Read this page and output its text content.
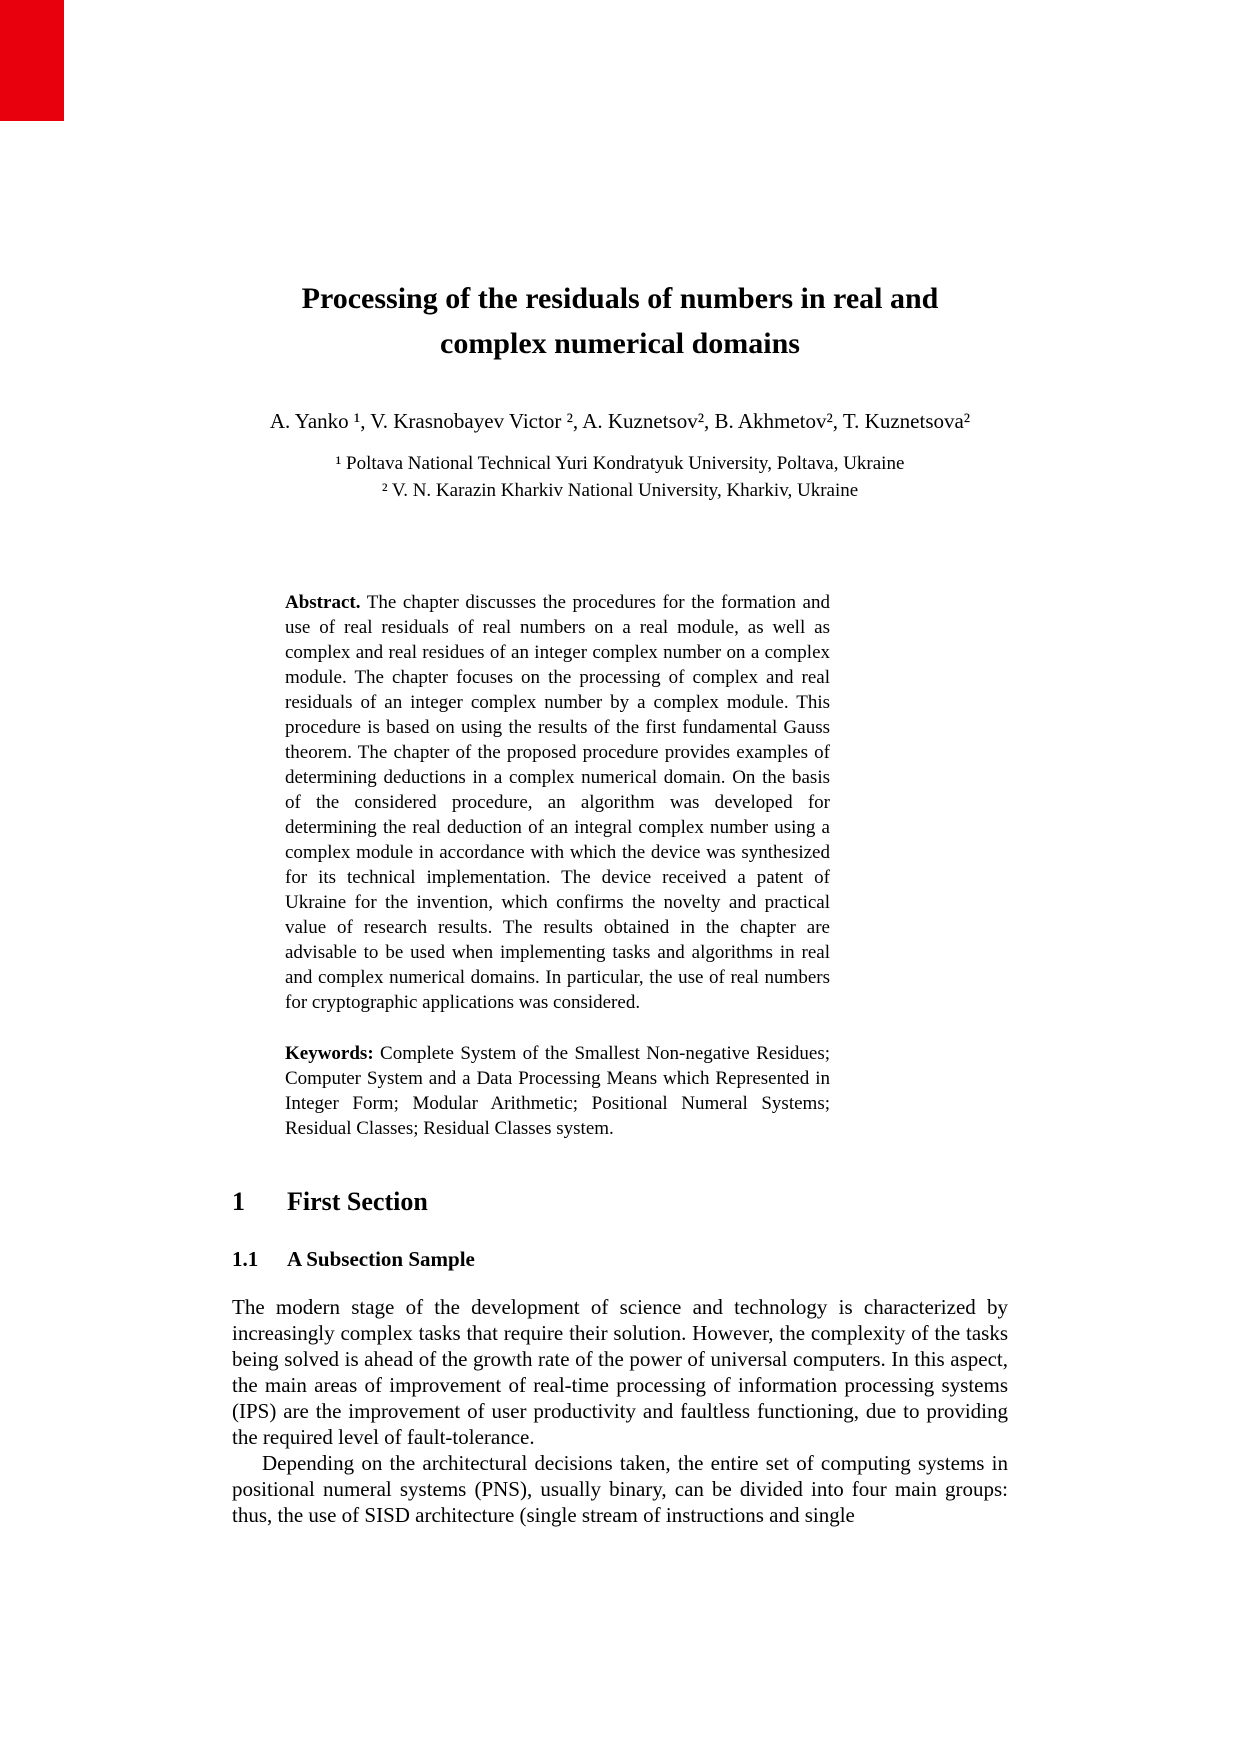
Processing of the residuals of numbers in real and
complex numerical domains
A. Yanko ¹, V. Krasnobayev Victor ², A. Kuznetsov², B. Akhmetov², T. Kuznetsova²
¹ Poltava National Technical Yuri Kondratyuk University, Poltava, Ukraine
² V. N. Karazin Kharkiv National University, Kharkiv, Ukraine
Abstract. The chapter discusses the procedures for the formation and use of real residuals of real numbers on a real module, as well as complex and real residues of an integer complex number on a complex module. The chapter focuses on the processing of complex and real residuals of an integer complex number by a complex module. This procedure is based on using the results of the first fundamental Gauss theorem. The chapter of the proposed procedure provides examples of determining deductions in a complex numerical domain. On the basis of the considered procedure, an algorithm was developed for determining the real deduction of an integral complex number using a complex module in accordance with which the device was synthesized for its technical implementation. The device received a patent of Ukraine for the invention, which confirms the novelty and practical value of research results. The results obtained in the chapter are advisable to be used when implementing tasks and algorithms in real and complex numerical domains. In particular, the use of real numbers for cryptographic applications was considered.
Keywords: Complete System of the Smallest Non-negative Residues; Computer System and a Data Processing Means which Represented in Integer Form; Modular Arithmetic; Positional Numeral Systems; Residual Classes; Residual Classes system.
1 First Section
1.1 A Subsection Sample

The modern stage of the development of science and technology is characterized by increasingly complex tasks that require their solution. However, the complexity of the tasks being solved is ahead of the growth rate of the power of universal computers. In this aspect, the main areas of improvement of real-time processing of information processing systems (IPS) are the improvement of user productivity and faultless functioning, due to providing the required level of fault-tolerance.

Depending on the architectural decisions taken, the entire set of computing systems in positional numeral systems (PNS), usually binary, can be divided into four main groups: thus, the use of SISD architecture (single stream of instructions and single
